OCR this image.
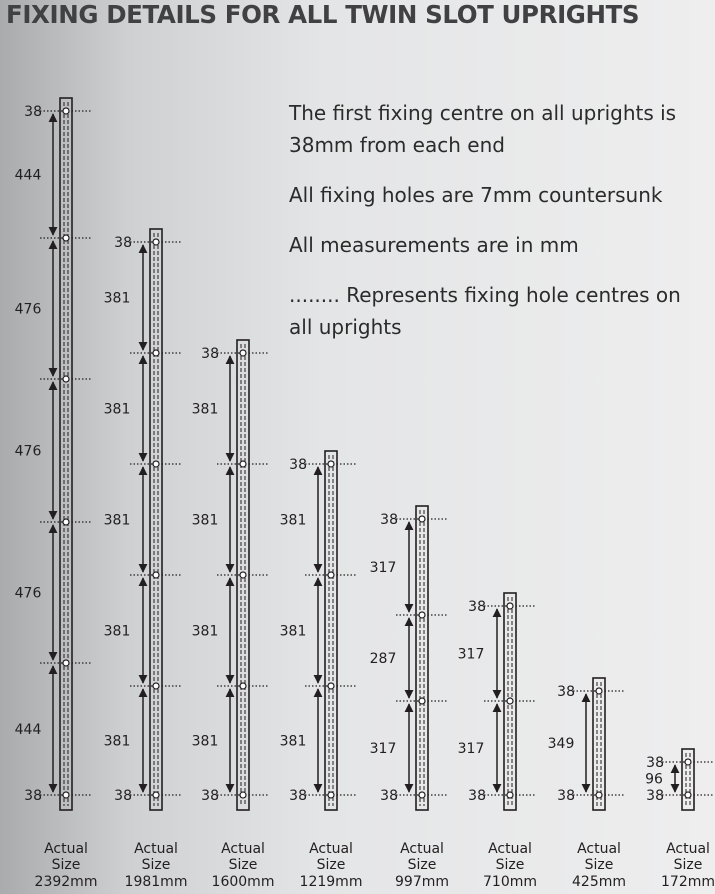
FIXING DETAILS FOR ALL TWIN SLOT UPRIGHTS

The first fixing centre on all uprights is 38mm from each end

All fixing holes are 7mm countersunk

All measurements are in mm

........ Represents fixing hole centres on all uprights

38
38
444
476
476
476
444
Actual
Size
2392mm
38
38
381
381
381
381
381
Actual
Size
1981mm
38
38
381
381
381
381
Actual
Size
1600mm
38
38
381
381
381
Actual
Size
1219mm
38
38
317
287
317
Actual
Size
997mm
38
38
317
317
Actual
Size
710mm
38
38
349
Actual
Size
425mm
38
38
96
Actual
Size
172mm
